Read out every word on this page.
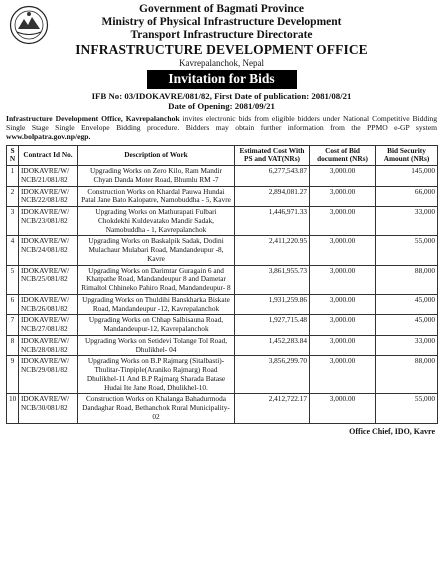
Government of Bagmati Province
Ministry of Physical Infrastructure Development
Transport Infrastructure Directorate
INFRASTRUCTURE DEVELOPMENT OFFICE
Kavrepalanchok, Nepal
Invitation for Bids
IFB No: 03/IDOKAVRE/081/82, First Date of publication: 2081/08/21
Date of Opening: 2081/09/21
Infrastructure Development Office, Kavrepalanchok invites electronic bids from eligible bidders under National Competitive Bidding Single Stage Single Envelope Bidding procedure. Bidders may obtain further information from the PPMO e-GP system www.bolpatra.gov.np/egp.
S N	Contract Id No.	Description of Work	Estimated Cost With PS and VAT(NRs)	Cost of Bid document (NRs)	Bid Security Amount (NRs)
1	IDOKAVRE/W/ NCB/21/081/82	Upgrading Works on Zero Kilo, Ram Mandir Chyan Danda Moter Road, Bhumlu RM -7	6,277,543.87	3,000.00	145,000
2	IDOKAVRE/W/ NCB/22/081/82	Construction Works on Khardal Pauwa Hundai Patal Jane Bato Kalopatre, Namobuddha - 5, Kavre	2,894,081.27	3,000.00	66,000
3	IDOKAVRE/W/ NCB/23/081/82	Upgrading Works on Mathurapati Fulbari Chokdekhi Kuldevatako Mandir Sadak, Namobuddha - 1, Kavrepalanchok	1,446,971.33	3,000.00	33,000
4	IDOKAVRE/W/ NCB/24/081/82	Upgrading Works on Baskalpik Sadak, Dodini Mulachaur Mulabari Road, Mandandeupur -8, Kavre	2,411,220.95	3,000.00	55,000
5	IDOKAVRE/W/ NCB/25/081/82	Upgrading Works on Darimtar Guragain 6 and Khatpathe Road, Mandandeupur 8 and Dametar Rimaltol Chhineko Pahiro Road, Mandandeupur- 8	3,861,955.73	3,000.00	88,000
6	IDOKAVRE/W/ NCB/26/081/82	Upgrading Works on Thuldihi Banskharka Biskate Road, Mandandeupur -12, Kavrepalanchok	1,931,259.86	3,000.00	45,000
7	IDOKAVRE/W/ NCB/27/081/82	Upgrading Works on Chhap Salbisauna Road, Mandandeupur-12, Kavrepalanchok	1,927,715.48	3,000.00	45,000
8	IDOKAVRE/W/ NCB/28/081/82	Upgrading Works on Setidevi Tolange Tol Road, Dhulikhel- 04	1,452,283.84	3,000.00	33,000
9	IDOKAVRE/W/ NCB/29/081/82	Upgrading Works on B.P Rajmarg (Sitalbasti)-Thulitar-Tinpiple(Araniko Rajmarg) Road Dhulikhel-11 And B.P Rajmarg Sharada Batase Hudai Ite Jane Road, Dhulikhel-10.	3,856,299.70	3,000.00	88,000
10	IDOKAVRE/W/ NCB/30/081/82	Construction Works on Khalanga Bahadurmoda Dandaghar Road, Bethanchok Rural Municipality- 02	2,412,722.17	3,000.00	55,000
Office Chief, IDO, Kavre
